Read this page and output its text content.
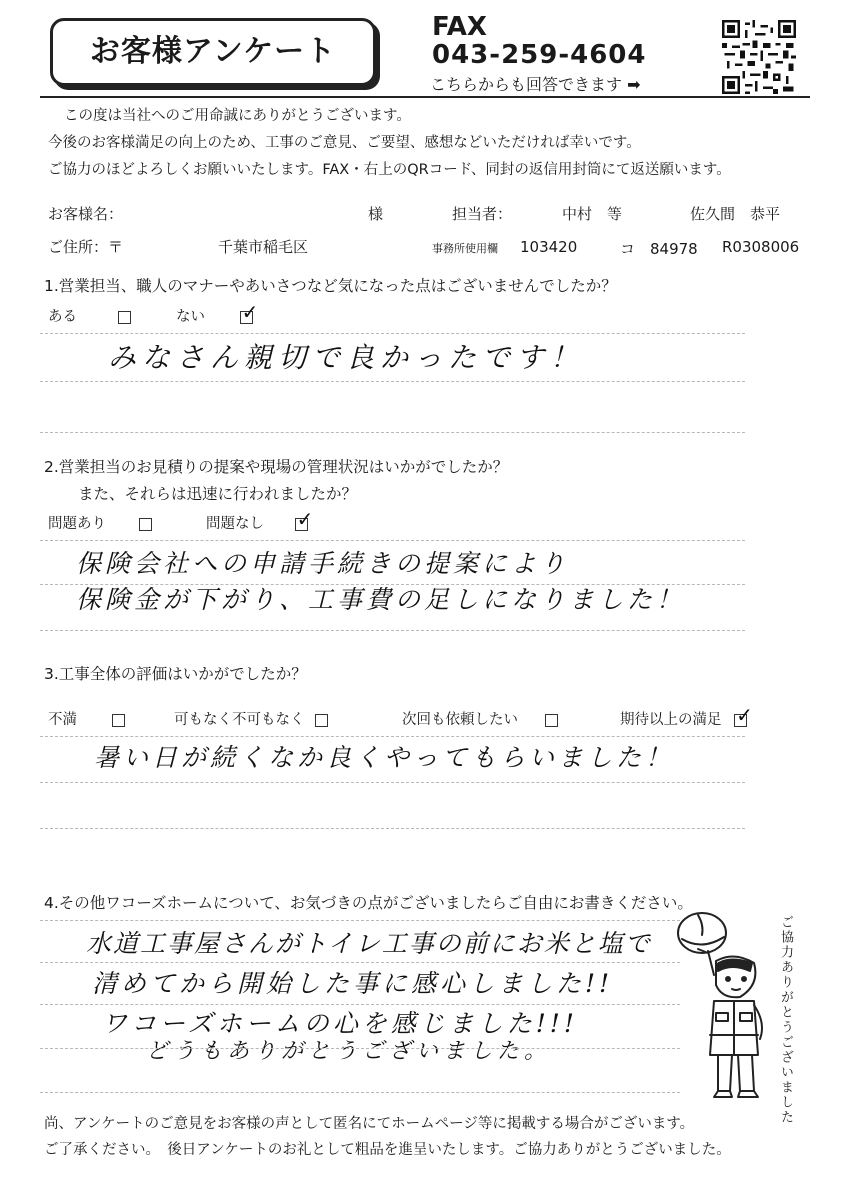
お客様アンケート
FAX
043-259-4604
こちらからも回答できます ➡
この度は当社へのご用命誠にありがとうございます。
今後のお客様満足の向上のため、工事のご意見、ご要望、感想などいただければ幸いです。
ご協力のほどよろしくお願いいたします。FAX・右上のQRコード、同封の返信用封筒にて返送願います。
お客様名：	様	担当者：	中村　等	佐久間　恭平
ご住所：〒	千葉市稲毛区	事務所使用欄 103420	コ　84978 R0308006
1.営業担当、職人のマナーやあいさつなど気になった点はございませんでしたか？
ある	ない ✓
みなさん親切で良かったです！
2.営業担当のお見積りの提案や現場の管理状況はいかがでしたか？
また、それらは迅速に行われましたか？
問題あり	問題なし ✓
保険会社への申請手続きの提案により
保険金が下がり、工事費の足しになりました！
3.工事全体の評価はいかがでしたか？
不満	可もなく不可もなく	次回も依頼したい	期待以上の満足 ✓
暑い日が続くなか良くやってもらいました！
4.その他ワコーズホームについて、お気づきの点がございましたらご自由にお書きください。
水道工事屋さんがトイレ工事の前にお米と塩で
清めてから開始した事に感心しました!!
ワコーズホームの心を感じました!!!
どうもありがとうございました。	ご協力ありがとうございました
尚、アンケートのご意見をお客様の声として匿名にてホームページ等に掲載する場合がございます。
ご了承ください。　後日アンケートのお礼として粗品を進呈いたします。ご協力ありがとうございました。
